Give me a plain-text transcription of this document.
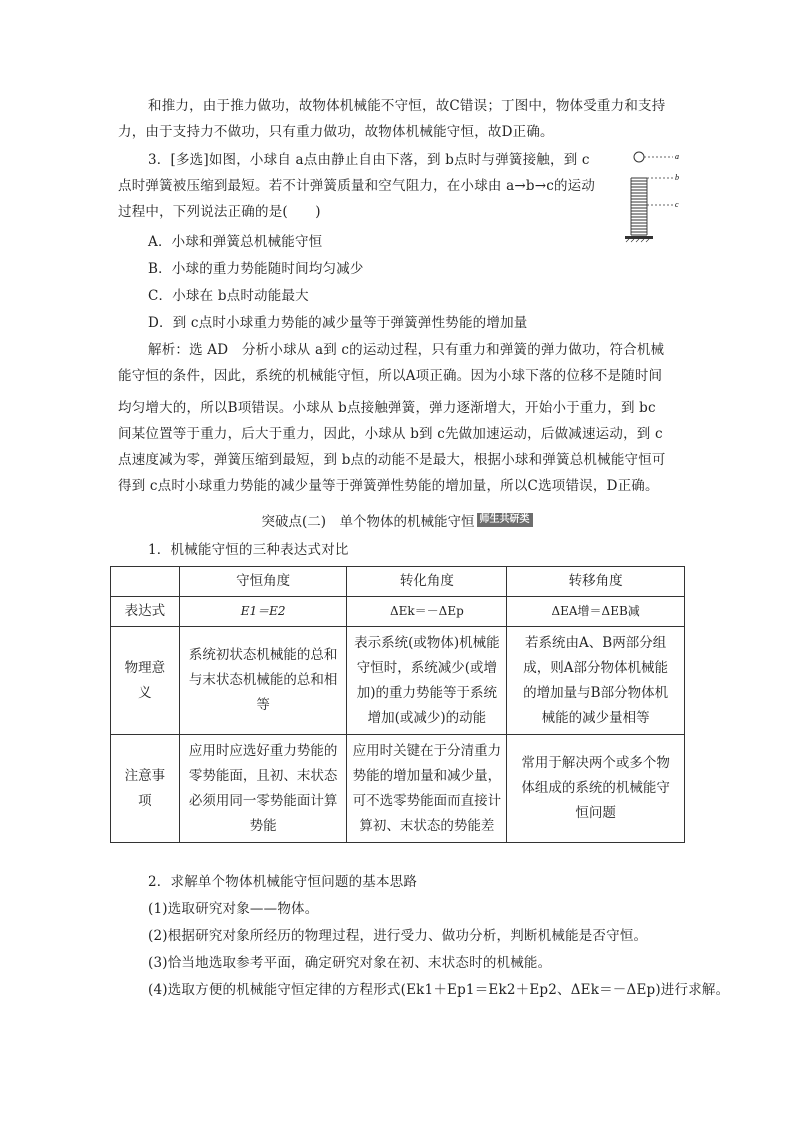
和推力，由于推力做功，故物体机械能不守恒，故C错误；丁图中，物体受重力和支持
力，由于支持力不做功，只有重力做功，故物体机械能守恒，故D正确。
3．[多选]如图，小球自 a点由静止自由下落，到 b点时与弹簧接触，到 c
点时弹簧被压缩到最短。若不计弹簧质量和空气阻力，在小球由 a→b→c的运动
过程中，下列说法正确的是(　　)
a
b
c
A．小球和弹簧总机械能守恒
B．小球的重力势能随时间均匀减少
C．小球在 b点时动能最大
D．到 c点时小球重力势能的减少量等于弹簧弹性势能的增加量
解析：选 AD　分析小球从 a到 c的运动过程，只有重力和弹簧的弹力做功，符合机械
能守恒的条件，因此，系统的机械能守恒，所以A项正确。因为小球下落的位移不是随时间
均匀增大的，所以B项错误。小球从 b点接触弹簧，弹力逐渐增大，开始小于重力，到 bc
间某位置等于重力，后大于重力，因此，小球从 b到 c先做加速运动，后做减速运动，到 c
点速度减为零，弹簧压缩到最短，到 b点的动能不是最大，根据小球和弹簧总机械能守恒可
得到 c点时小球重力势能的减少量等于弹簧弹性势能的增加量，所以C选项错误，D正确。
突破点(二)　单个物体的机械能守恒 师生共研类
1．机械能守恒的三种表达式对比
	守恒角度	转化角度	转移角度
表达式	E1＝E2	ΔEk＝－ΔEp	ΔEA增＝ΔEB减
物理意义	系统初状态机械能的总和与末状态机械能的总和相等	表示系统(或物体)机械能守恒时，系统减少(或增加)的重力势能等于系统增加(或减少)的动能	若系统由A、B两部分组成，则A部分物体机械能的增加量与B部分物体机械能的减少量相等
注意事项	应用时应选好重力势能的零势能面，且初、末状态必须用同一零势能面计算势能	应用时关键在于分清重力势能的增加量和减少量，可不选零势能面而直接计算初、末状态的势能差	常用于解决两个或多个物体组成的系统的机械能守恒问题
2．求解单个物体机械能守恒问题的基本思路
(1)选取研究对象——物体。
(2)根据研究对象所经历的物理过程，进行受力、做功分析，判断机械能是否守恒。
(3)恰当地选取参考平面，确定研究对象在初、末状态时的机械能。
(4)选取方便的机械能守恒定律的方程形式(Ek1＋Ep1＝Ek2＋Ep2、ΔEk＝－ΔEp)进行求解。
